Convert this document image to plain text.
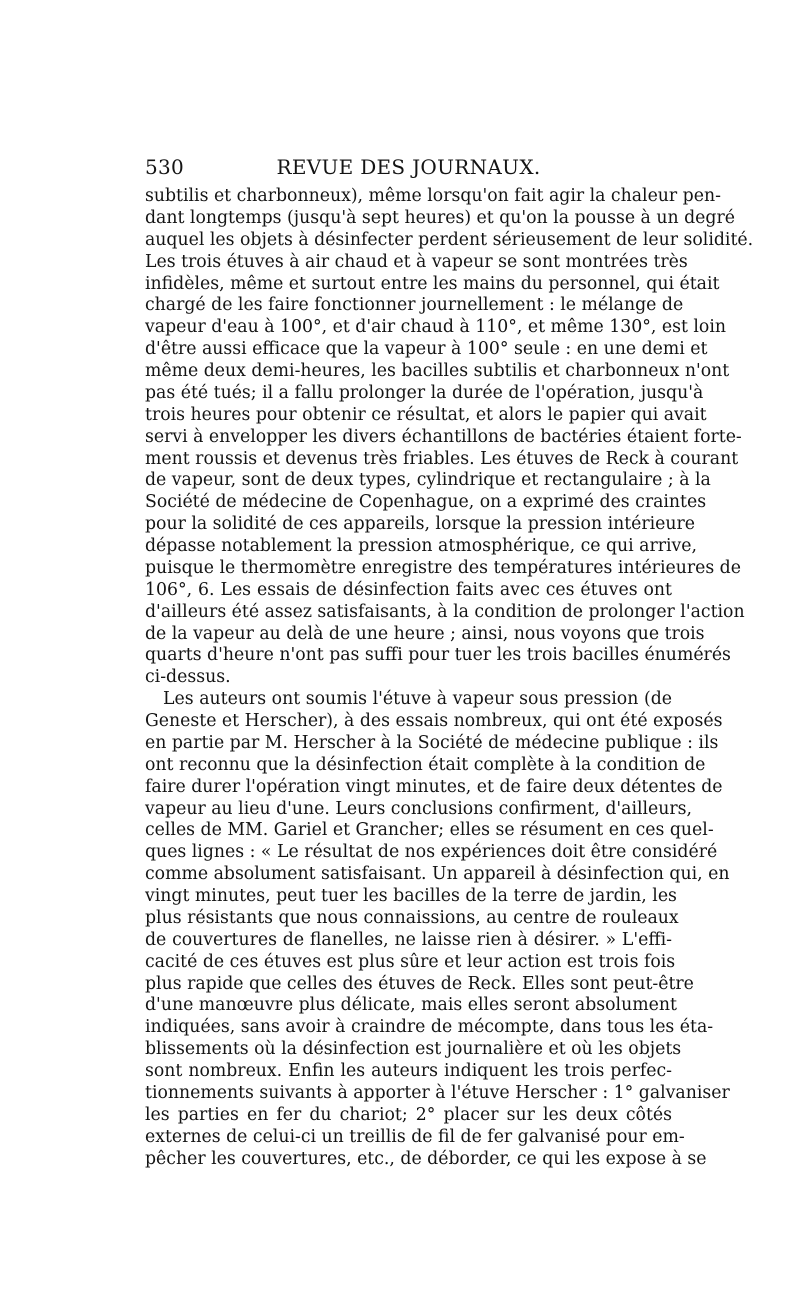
530	REVUE DES JOURNAUX.
subtilis et charbonneux), même lorsqu'on fait agir la chaleur pen-
dant longtemps (jusqu'à sept heures) et qu'on la pousse à un degré
auquel les objets à désinfecter perdent sérieusement de leur solidité.
Les trois étuves à air chaud et à vapeur se sont montrées très
infidèles, même et surtout entre les mains du personnel, qui était
chargé de les faire fonctionner journellement : le mélange de
vapeur d'eau à 100°, et d'air chaud à 110°, et même 130°, est loin
d'être aussi efficace que la vapeur à 100° seule : en une demi et
même deux demi-heures, les bacilles subtilis et charbonneux n'ont
pas été tués; il a fallu prolonger la durée de l'opération, jusqu'à
trois heures pour obtenir ce résultat, et alors le papier qui avait
servi à envelopper les divers échantillons de bactéries étaient forte-
ment roussis et devenus très friables. Les étuves de Reck à courant
de vapeur, sont de deux types, cylindrique et rectangulaire ; à la
Société de médecine de Copenhague, on a exprimé des craintes
pour la solidité de ces appareils, lorsque la pression intérieure
dépasse notablement la pression atmosphérique, ce qui arrive,
puisque le thermomètre enregistre des températures intérieures de
106°, 6. Les essais de désinfection faits avec ces étuves ont
d'ailleurs été assez satisfaisants, à la condition de prolonger l'action
de la vapeur au delà de une heure ; ainsi, nous voyons que trois
quarts d'heure n'ont pas suffi pour tuer les trois bacilles énumérés
ci-dessus.
Les auteurs ont soumis l'étuve à vapeur sous pression (de
Geneste et Herscher), à des essais nombreux, qui ont été exposés
en partie par M. Herscher à la Société de médecine publique : ils
ont reconnu que la désinfection était complète à la condition de
faire durer l'opération vingt minutes, et de faire deux détentes de
vapeur au lieu d'une. Leurs conclusions confirment, d'ailleurs,
celles de MM. Gariel et Grancher; elles se résument en ces quel-
ques lignes : « Le résultat de nos expériences doit être considéré
comme absolument satisfaisant. Un appareil à désinfection qui, en
vingt minutes, peut tuer les bacilles de la terre de jardin, les
plus résistants que nous connaissions, au centre de rouleaux
de couvertures de flanelles, ne laisse rien à désirer. » L'effi-
cacité de ces étuves est plus sûre et leur action est trois fois
plus rapide que celles des étuves de Reck. Elles sont peut-être
d'une manœuvre plus délicate, mais elles seront absolument
indiquées, sans avoir à craindre de mécompte, dans tous les éta-
blissements où la désinfection est journalière et où les objets
sont nombreux. Enfin les auteurs indiquent les trois perfec-
tionnements suivants à apporter à l'étuve Herscher : 1° galvaniser
les parties en fer du chariot; 2° placer sur les deux côtés
externes de celui-ci un treillis de fil de fer galvanisé pour em-
pêcher les couvertures, etc., de déborder, ce qui les expose à se
